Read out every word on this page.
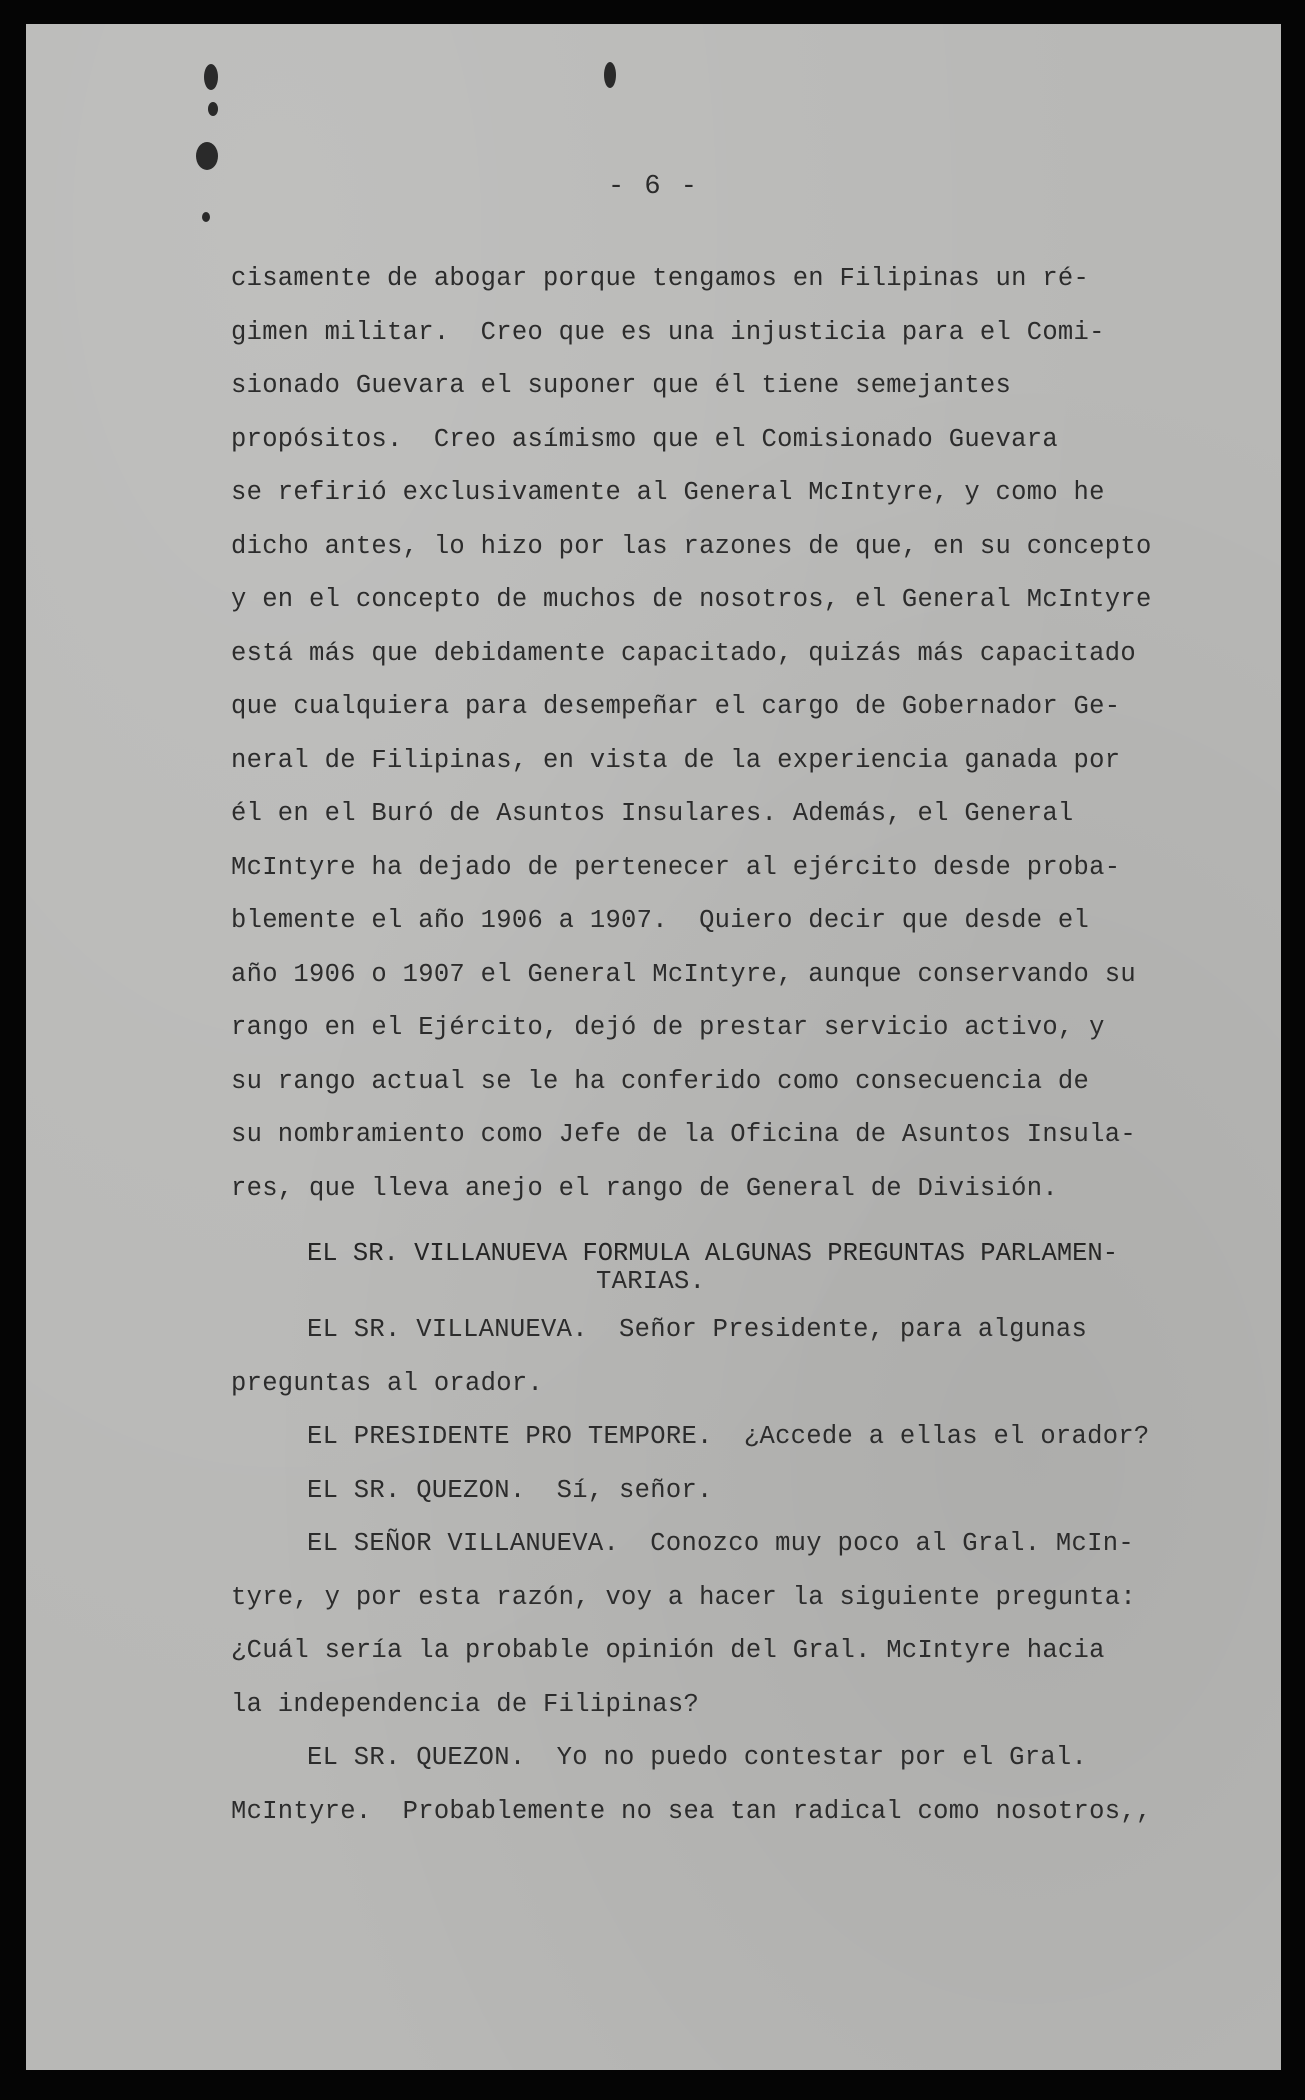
- 6 -
cisamente de abogar porque tengamos en Filipinas un ré-
gimen militar.  Creo que es una injusticia para el Comi-
sionado Guevara el suponer que él tiene semejantes
propósitos.  Creo asímismo que el Comisionado Guevara
se refirió exclusivamente al General McIntyre, y como he
dicho antes, lo hizo por las razones de que, en su concepto
y en el concepto de muchos de nosotros, el General McIntyre
está más que debidamente capacitado, quizás más capacitado
que cualquiera para desempeñar el cargo de Gobernador Ge-
neral de Filipinas, en vista de la experiencia ganada por
él en el Buró de Asuntos Insulares. Además, el General
McIntyre ha dejado de pertenecer al ejército desde proba-
blemente el año 1906 a 1907.  Quiero decir que desde el
año 1906 o 1907 el General McIntyre, aunque conservando su
rango en el Ejército, dejó de prestar servicio activo, y
su rango actual se le ha conferido como consecuencia de
su nombramiento como Jefe de la Oficina de Asuntos Insula-
res, que lleva anejo el rango de General de División.
EL SR. VILLANUEVA FORMULA ALGUNAS PREGUNTAS PARLAMEN-
TARIAS.
EL SR. VILLANUEVA.  Señor Presidente, para algunas
preguntas al orador.
EL PRESIDENTE PRO TEMPORE.  ¿Accede a ellas el orador?
EL SR. QUEZON.  Sí, señor.
EL SEÑOR VILLANUEVA.  Conozco muy poco al Gral. McIn-
tyre, y por esta razón, voy a hacer la siguiente pregunta:
¿Cuál sería la probable opinión del Gral. McIntyre hacia
la independencia de Filipinas?
EL SR. QUEZON.  Yo no puedo contestar por el Gral.
McIntyre.  Probablemente no sea tan radical como nosotros,,
